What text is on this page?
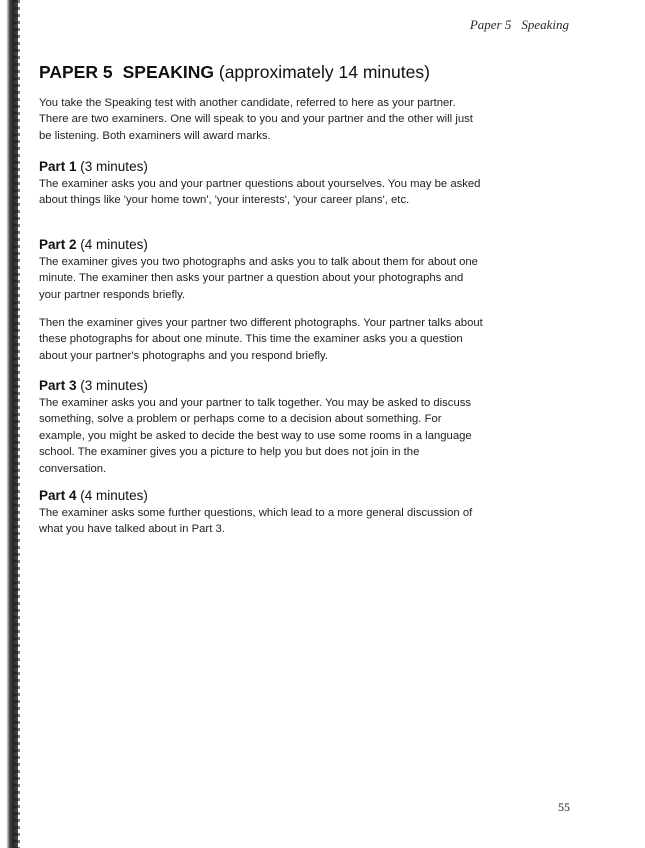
Paper 5 Speaking
PAPER 5 SPEAKING (approximately 14 minutes)

You take the Speaking test with another candidate, referred to here as your partner. There are two examiners. One will speak to you and your partner and the other will just be listening. Both examiners will award marks.

Part 1 (3 minutes)

The examiner asks you and your partner questions about yourselves. You may be asked about things like 'your home town', 'your interests', 'your career plans', etc.

Part 2 (4 minutes)

The examiner gives you two photographs and asks you to talk about them for about one minute. The examiner then asks your partner a question about your photographs and your partner responds briefly.

Then the examiner gives your partner two different photographs. Your partner talks about these photographs for about one minute. This time the examiner asks you a question about your partner's photographs and you respond briefly.

Part 3 (3 minutes)

The examiner asks you and your partner to talk together. You may be asked to discuss something, solve a problem or perhaps come to a decision about something. For example, you might be asked to decide the best way to use some rooms in a language school. The examiner gives you a picture to help you but does not join in the conversation.

Part 4 (4 minutes)

The examiner asks some further questions, which lead to a more general discussion of what you have talked about in Part 3.

55
